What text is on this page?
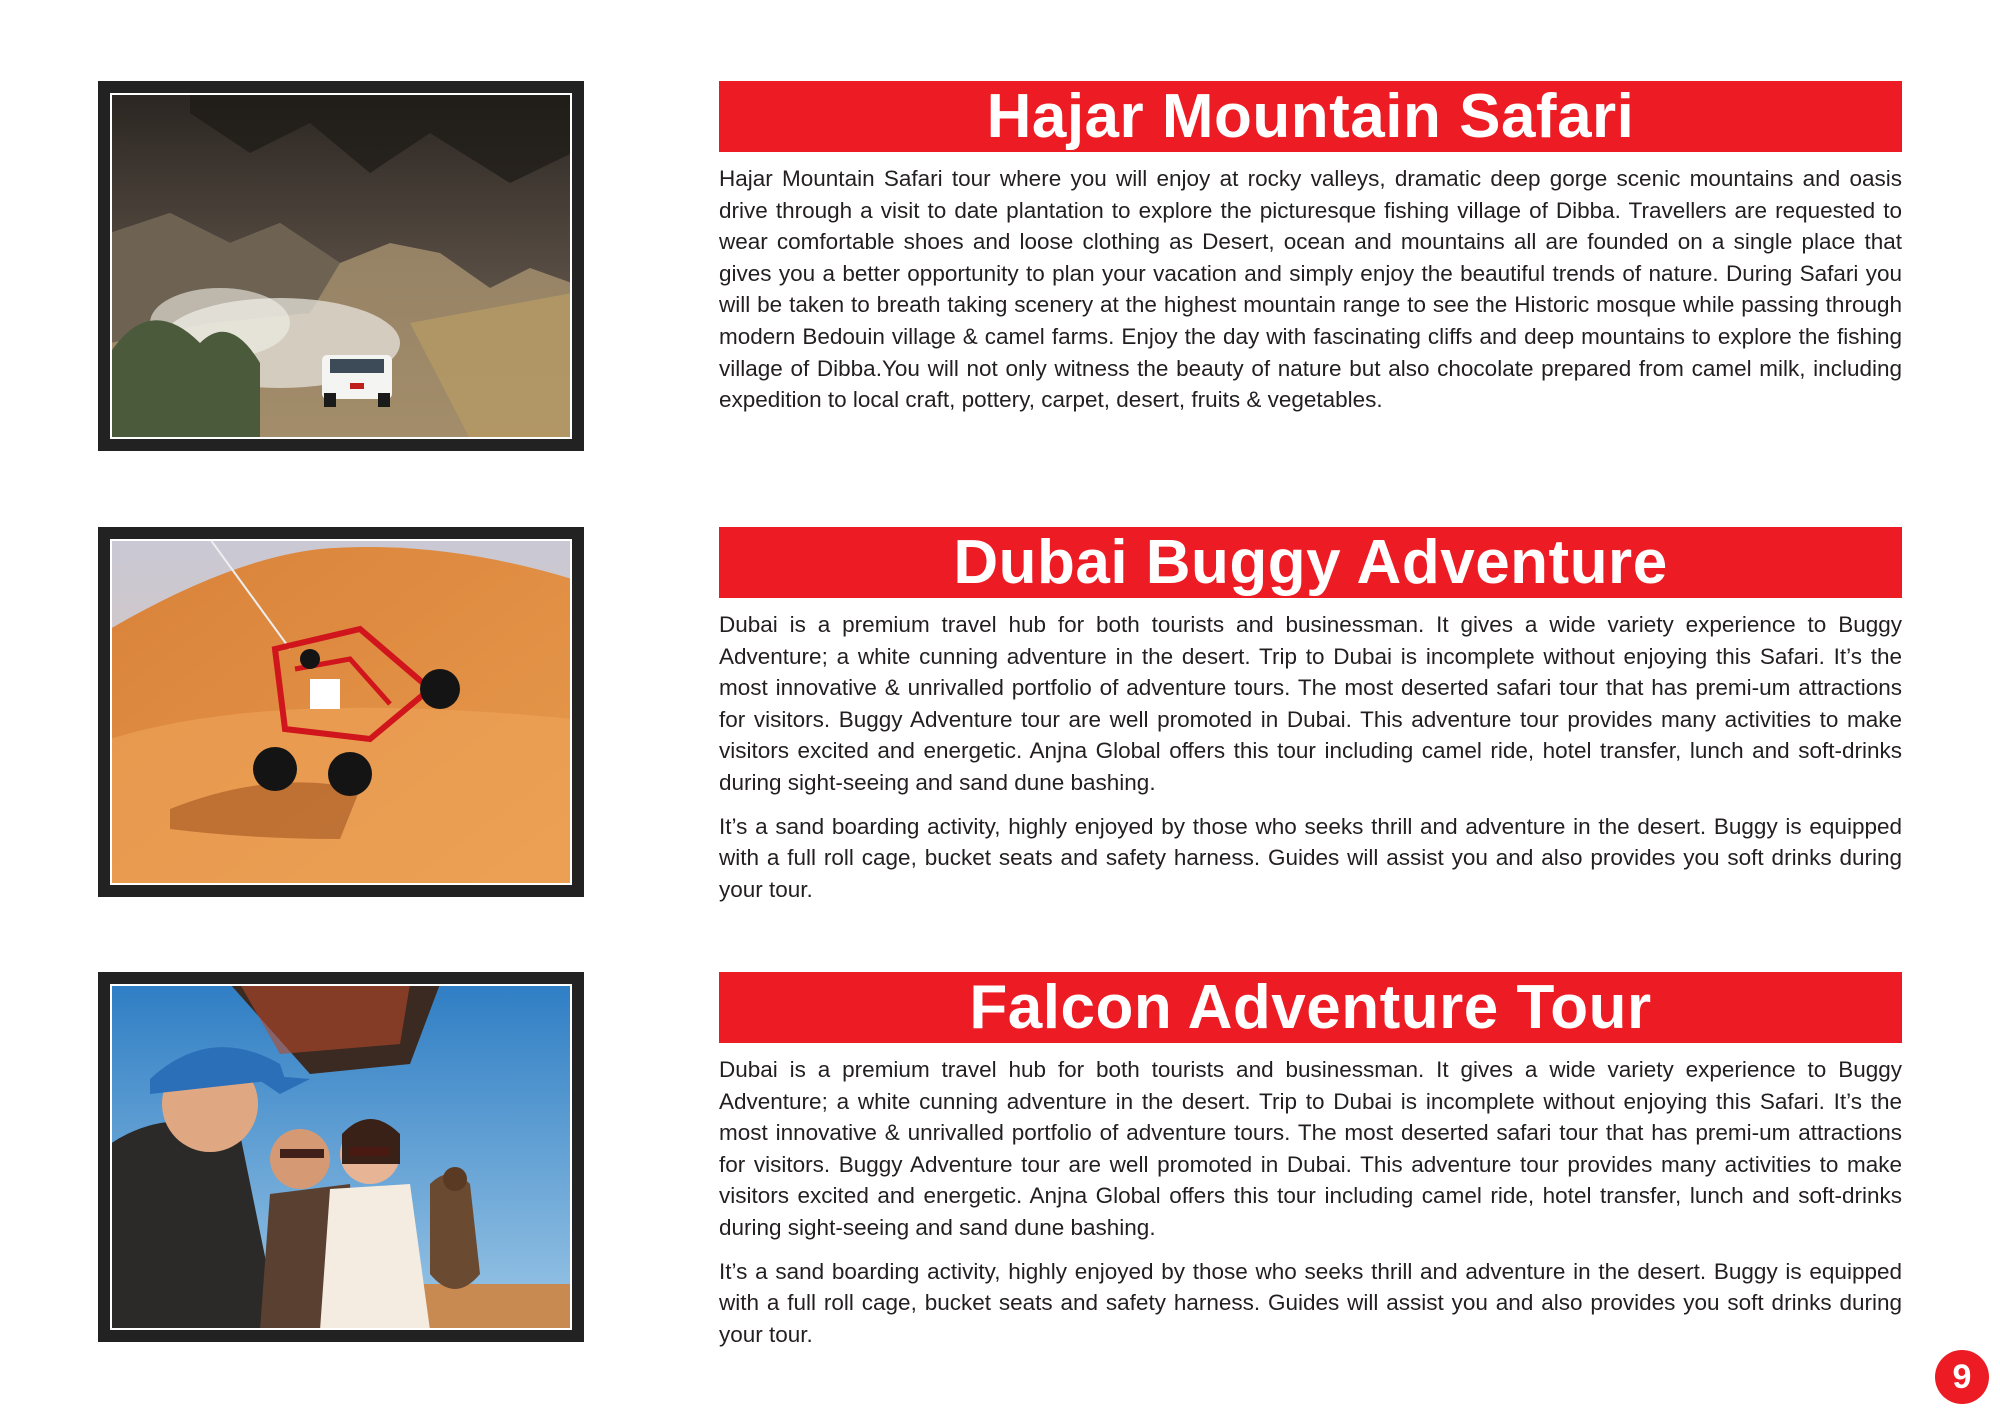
Hajar Mountain Safari

Hajar Mountain Safari tour where you will enjoy at rocky valleys, dramatic deep gorge scenic mountains and oasis drive through a visit to date plantation to explore the picturesque fishing village of Dibba. Travellers are requested to wear comfortable shoes and loose clothing as Desert, ocean and mountains all are founded on a single place that gives you a better opportunity to plan your vacation and simply enjoy the beautiful trends of nature. During Safari you will be taken to breath taking scenery at the highest mountain range to see the Historic mosque while passing through modern Bedouin village & camel farms. Enjoy the day with fascinating cliffs and deep mountains to explore the fishing village of Dibba.You will not only witness the beauty of nature but also chocolate prepared from camel milk, including expedition to local craft, pottery, carpet, desert, fruits & vegetables.

Dubai Buggy Adventure

Dubai is a premium travel hub for both tourists and businessman. It gives a wide variety experience to Buggy Adventure; a white cunning adventure in the desert. Trip to Dubai is incomplete without enjoying this Safari. It’s the most innovative & unrivalled portfolio of adventure tours. The most deserted safari tour that has premi-um attractions for visitors. Buggy Adventure tour are well promoted in Dubai. This adventure tour provides many activities to make visitors excited and energetic. Anjna Global offers this tour including camel ride, hotel transfer, lunch and soft-drinks during sight-seeing and sand dune bashing.

It’s a sand boarding activity, highly enjoyed by those who seeks thrill and adventure in the desert. Buggy is equipped with a full roll cage, bucket seats and safety harness. Guides will assist you and also provides you soft drinks during your tour.

Falcon Adventure Tour

Dubai is a premium travel hub for both tourists and businessman. It gives a wide variety experience to Buggy Adventure; a white cunning adventure in the desert. Trip to Dubai is incomplete without enjoying this Safari. It’s the most innovative & unrivalled portfolio of adventure tours. The most deserted safari tour that has premi-um attractions for visitors. Buggy Adventure tour are well promoted in Dubai. This adventure tour provides many activities to make visitors excited and energetic. Anjna Global offers this tour including camel ride, hotel transfer, lunch and soft-drinks during sight-seeing and sand dune bashing.

It’s a sand boarding activity, highly enjoyed by those who seeks thrill and adventure in the desert. Buggy is equipped with a full roll cage, bucket seats and safety harness. Guides will assist you and also provides you soft drinks during your tour.

9
